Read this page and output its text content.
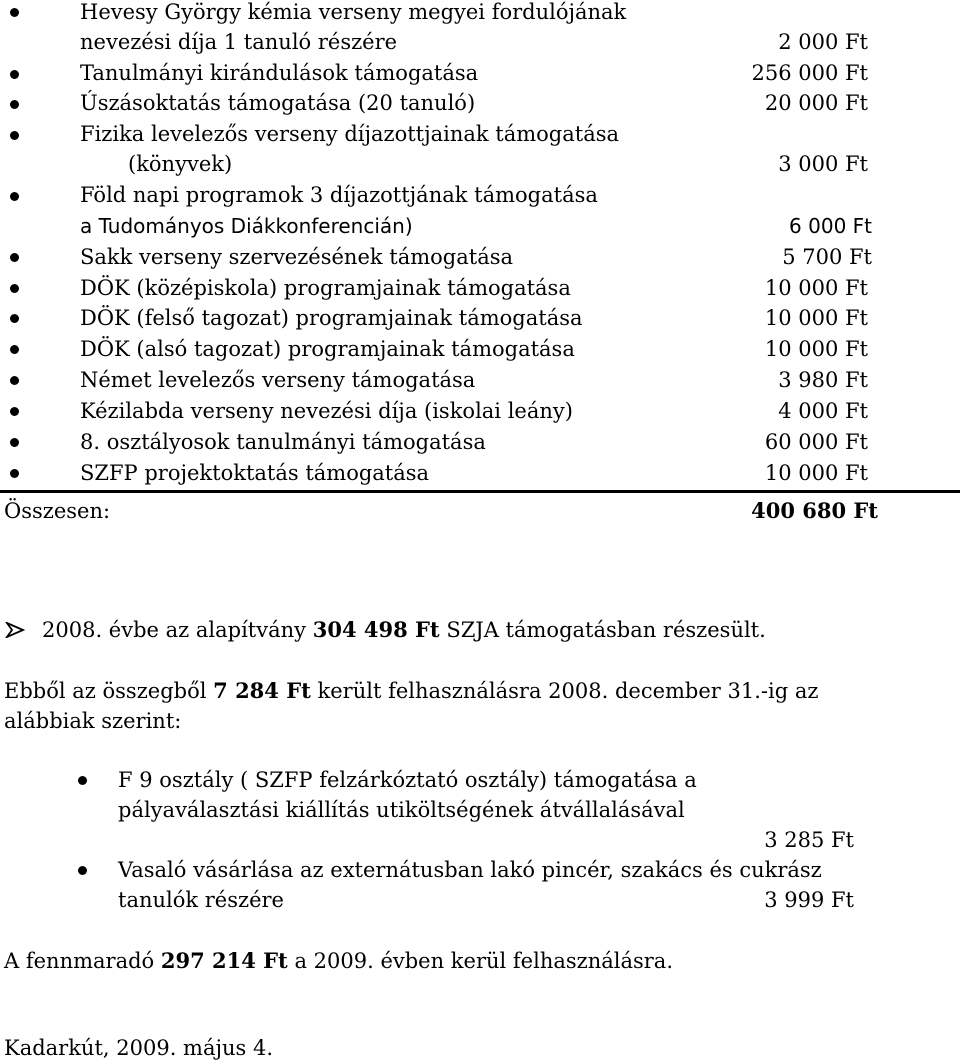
Hevesy György kémia verseny megyei fordulójának
nevezési díja 1 tanuló részére	2 000 Ft
Tanulmányi kirándulások támogatása	256 000 Ft
Úszásoktatás támogatása (20 tanuló)	20 000 Ft
Fizika levelezős verseny díjazottjainak támogatása
(könyvek)	3 000 Ft
Föld napi programok 3 díjazottjának támogatása
a Tudományos Diákkonferencián)	6 000 Ft
Sakk verseny szervezésének támogatása	5 700 Ft
DÖK (középiskola) programjainak támogatása	10 000 Ft
DÖK (felső tagozat) programjainak támogatása	10 000 Ft
DÖK (alsó tagozat) programjainak támogatása	10 000 Ft
Német levelezős verseny támogatása	3 980 Ft
Kézilabda verseny nevezési díja (iskolai leány)	4 000 Ft
8. osztályosok tanulmányi támogatása	60 000 Ft
SZFP projektoktatás támogatása	10 000 Ft
Összesen:	400 680 Ft
2008. évbe az alapítvány 304 498 Ft SZJA támogatásban részesült.
Ebből az összegből 7 284 Ft került felhasználásra 2008. december 31.-ig az
alábbiak szerint:
F 9 osztály ( SZFP felzárkóztató osztály) támogatása a
pályaválasztási kiállítás utiköltségének átvállalásával
3 285 Ft
Vasaló vásárlása az externátusban lakó pincér, szakács és cukrász
tanulók részére	3 999 Ft
A fennmaradó 297 214 Ft a 2009. évben kerül felhasználásra.
Kadarkút, 2009. május 4.
